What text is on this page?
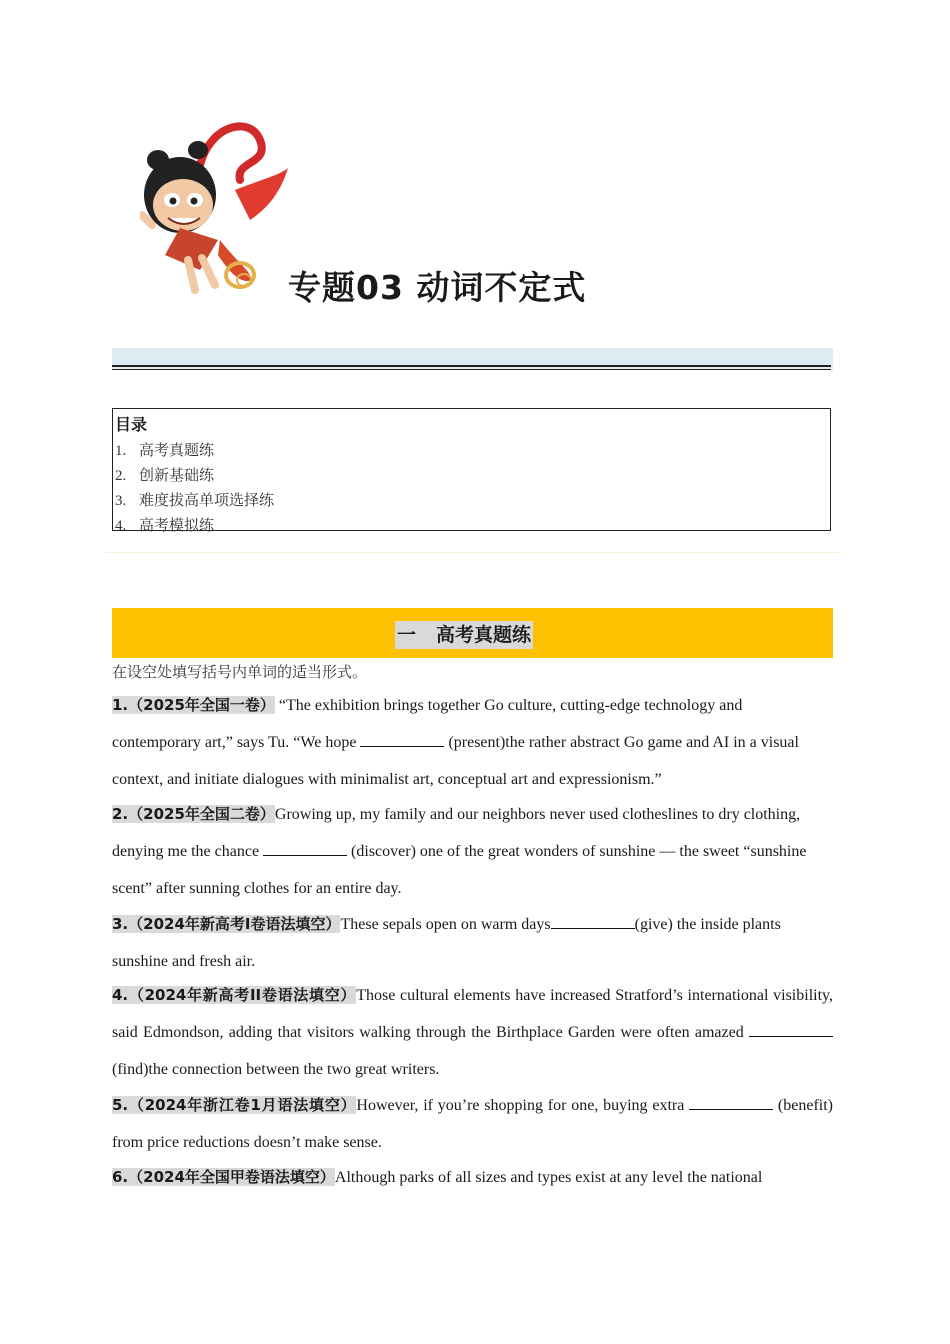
专题03 动词不定式
目录
1. 高考真题练
2. 创新基础练
3. 难度拔高单项选择练
4. 高考模拟练
一 高考真题练
在设空处填写括号内单词的适当形式。
1.（2025年全国一卷） “The exhibition brings together Go culture, cutting-edge technology and contemporary art,” says Tu. “We hope	(present)the rather abstract Go game and AI in a visual context, and initiate dialogues with minimalist art, conceptual art and expressionism.”
2.（2025年全国二卷）Growing up, my family and our neighbors never used clotheslines to dry clothing, denying me the chance	(discover) one of the great wonders of sunshine — the sweet “sunshine scent” after sunning clothes for an entire day.
3.（2024年新高考I卷语法填空）These sepals open on warm days	(give) the inside plants sunshine and fresh air.
4.（2024年新高考II卷语法填空）Those cultural elements have increased Stratford’s international visibility, said Edmondson, adding that visitors walking through the Birthplace Garden were often amazed  (find)the connection between the two great writers.
5.（2024年浙江卷1月语法填空）However, if you’re shopping for one, buying extra	(benefit) from price reductions doesn’t make sense.
6.（2024年全国甲卷语法填空）Although parks of all sizes and types exist at any level the national
